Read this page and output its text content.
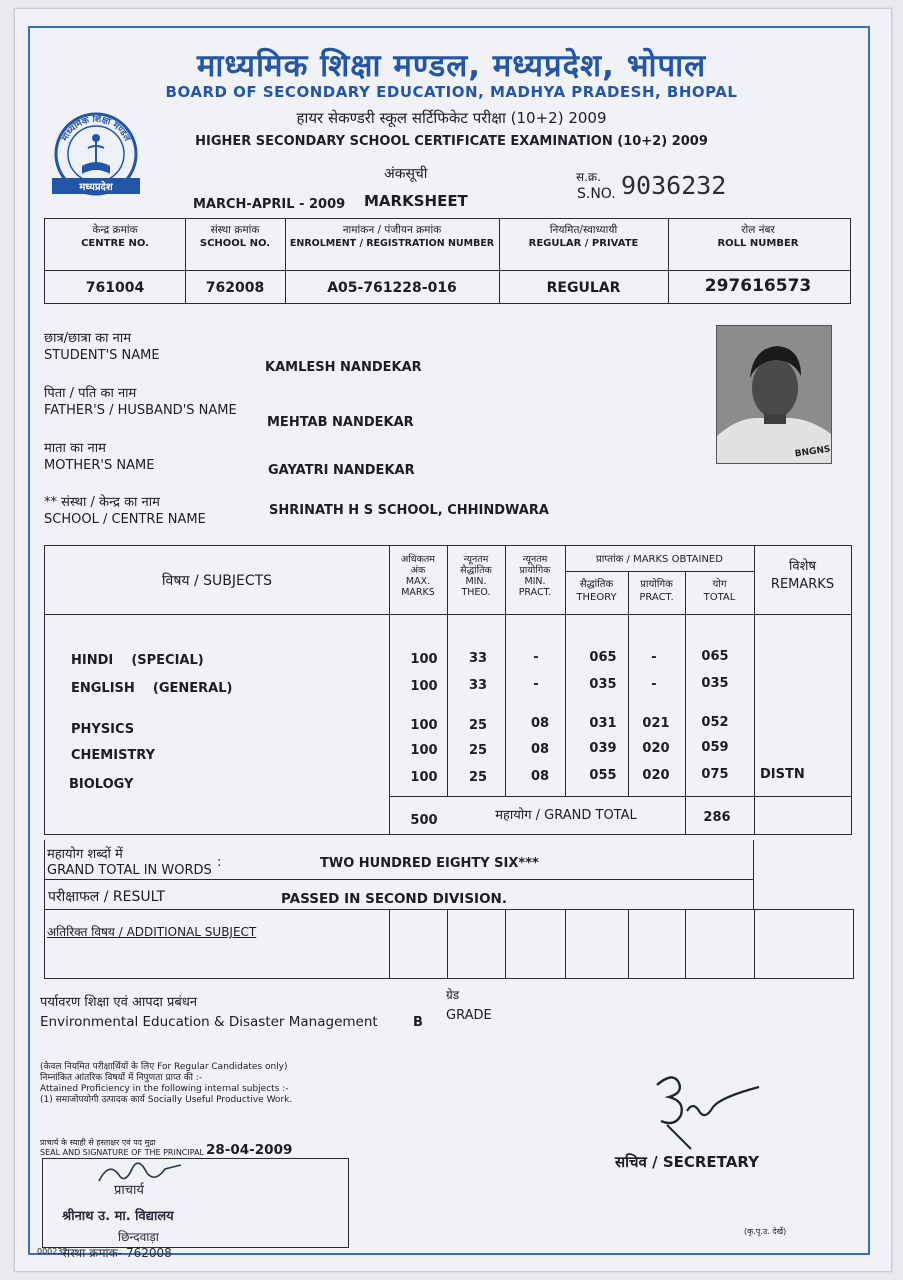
माध्यमिक शिक्षा मण्डल, मध्यप्रदेश, भोपाल
BOARD OF SECONDARY EDUCATION, MADHYA PRADESH, BHOPAL
हायर सेकण्डरी स्कूल सर्टिफिकेट परीक्षा (10+2) 2009
HIGHER SECONDARY SCHOOL CERTIFICATE EXAMINATION (10+2) 2009
माध्यमिक शिक्षा मण्डल
मध्यप्रदेश
अंकसूची
MARKSHEET
MARCH-APRIL - 2009
स.क्र.
S.NO. 9036232
केन्द्र क्रमांक
CENTRE NO.
संस्था क्रमांक
SCHOOL NO.
नामांकन / पंजीयन क्रमांक
ENROLMENT / REGISTRATION NUMBER
नियमित/स्वाध्यायी
REGULAR / PRIVATE
रोल नंबर
ROLL NUMBER
761004	762008	A05-761228-016	REGULAR	297616573
छात्र/छात्रा का नाम
STUDENT'S NAME
KAMLESH NANDEKAR
पिता / पति का नाम
FATHER'S / HUSBAND'S NAME
MEHTAB NANDEKAR
माता का नाम
MOTHER'S NAME	GAYATRI NANDEKAR
** संस्था / केन्द्र का नाम
SCHOOL / CENTRE NAME
SHRINATH H S SCHOOL, CHHINDWARA
BNGNS
विषय / SUBJECTS
अधिकतम
अंक
MAX.
MARKS
न्यूनतम
सैद्धांतिक
MIN.
THEO.
न्यूनतम
प्रायोगिक
MIN.
PRACT.
प्राप्तांक / MARKS OBTAINED
सैद्धांतिक
THEORY
प्रायोगिक
PRACT.
योग
TOTAL
विशेष
REMARKS
HINDI    (SPECIAL)	100	33	-	065	-	065
ENGLISH    (GENERAL)	100	33	-	035	-	035
PHYSICS	100	25	08	031	021	052
CHEMISTRY	100	25	08	039	020	059
BIOLOGY	100	25	08	055	020	075	DISTN
500	महायोग / GRAND TOTAL	286
महायोग शब्दों में
GRAND TOTAL IN WORDS
:	TWO HUNDRED EIGHTY SIX***
परीक्षाफल / RESULT	PASSED IN SECOND DIVISION.
अतिरिक्त विषय / ADDITIONAL SUBJECT
पर्यावरण शिक्षा एवं आपदा प्रबंधन
Environmental Education & Disaster Management	B
ग्रेड
GRADE
(केवल नियमित परीक्षार्थियों के लिए For Regular Candidates only)
निम्नांकित आंतरिक विषयों में निपुणता प्राप्त की :-
Attained Proficiency in the following internal subjects :-
(1) समाजोपयोगी उत्पादक कार्य Socially Useful Productive Work.
प्राचार्य के स्याही से हस्ताक्षर एवं पद मुद्रा
SEAL AND SIGNATURE OF THE PRINCIPAL 28-04-2009
प्राचार्य
श्रीनाथ उ. मा. विद्यालय
छिन्दवाड़ा
संस्था क्रमांक- 762008
000232
सचिव / SECRETARY
(कृ.पृ.उ. देखें)
